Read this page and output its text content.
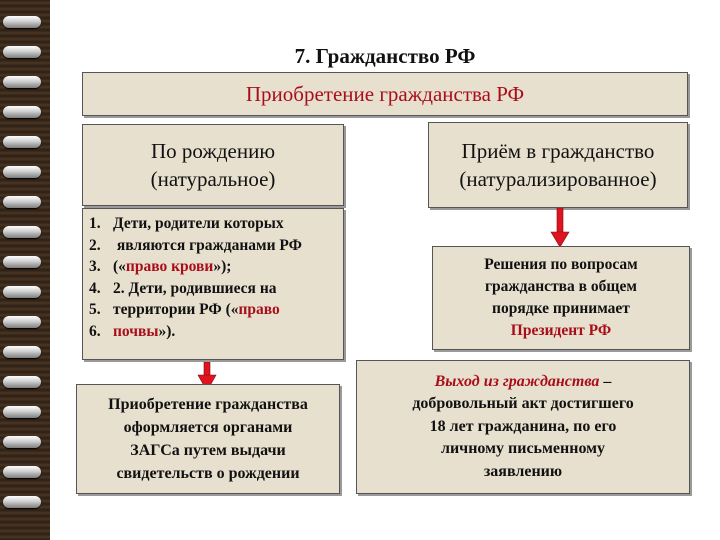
7. Гражданство РФ
Приобретение гражданства РФ
По рождению
(натуральное)
Приём в гражданство
(натурализированное)
1. Дети, родители которых
2. являются гражданами РФ
3. («право крови»);
4. 2. Дети, родившиеся на
5. территории РФ («право
6. почвы»).
Решения по вопросам
гражданства в общем
порядке принимает
Президент РФ
Приобретение гражданства
оформляется органами
ЗАГСа путем выдачи
свидетельств о рождении
Выход из гражданства –
добровольный акт достигшего
18 лет гражданина, по его
личному письменному
заявлению
